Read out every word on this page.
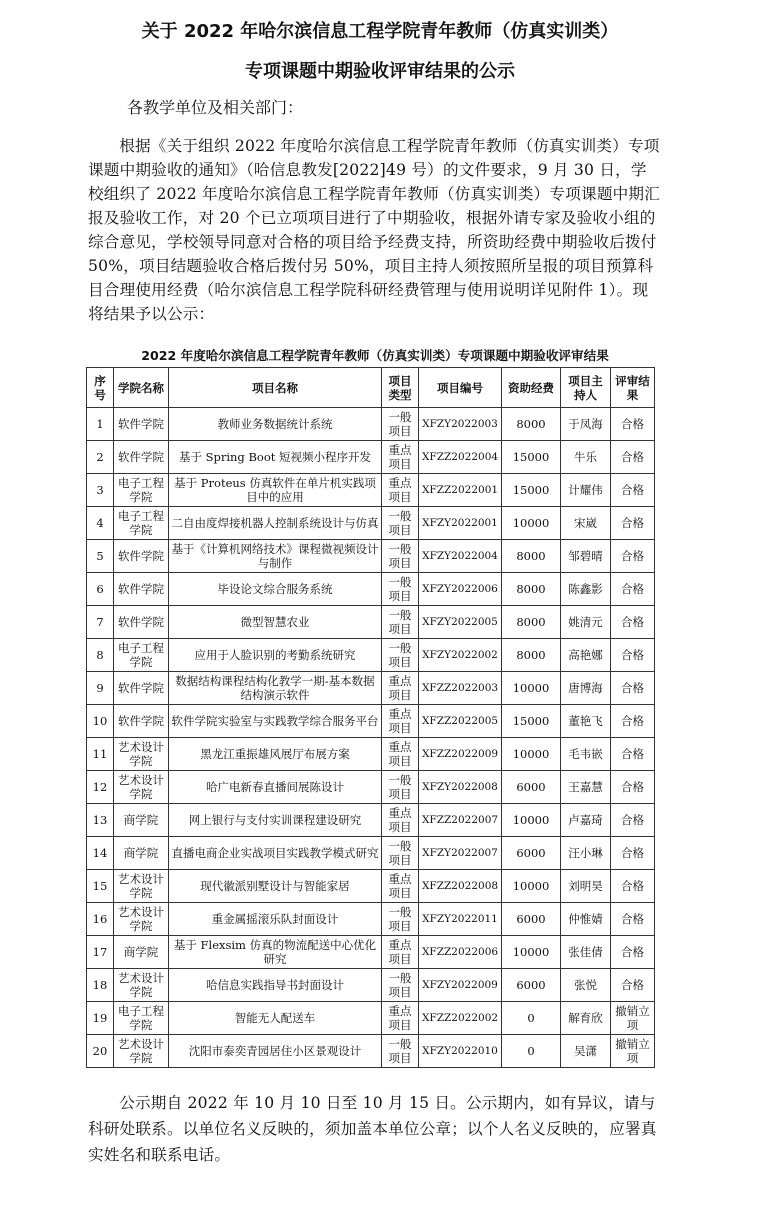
关于 2022 年哈尔滨信息工程学院青年教师（仿真实训类）
专项课题中期验收评审结果的公示
各教学单位及相关部门：
根据《关于组织 2022 年度哈尔滨信息工程学院青年教师（仿真实训类）专项课题中期验收的通知》（哈信息教发[2022]49 号）的文件要求，9 月 30 日，学校组织了 2022 年度哈尔滨信息工程学院青年教师（仿真实训类）专项课题中期汇报及验收工作，对 20 个已立项项目进行了中期验收，根据外请专家及验收小组的综合意见，学校领导同意对合格的项目给予经费支持，所资助经费中期验收后拨付 50%，项目结题验收合格后拨付另 50%，项目主持人须按照所呈报的项目预算科目合理使用经费（哈尔滨信息工程学院科研经费管理与使用说明详见附件 1）。现将结果予以公示：
2022 年度哈尔滨信息工程学院青年教师（仿真实训类）专项课题中期验收评审结果
序号	学院名称	项目名称	项目类型	项目编号	资助经费	项目主持人	评审结果
1	软件学院	教师业务数据统计系统	一般项目	XFZY2022003	8000	于凤海	合格
2	软件学院	基于 Spring Boot 短视频小程序开发	重点项目	XFZZ2022004	15000	牛乐	合格
3	电子工程学院	基于 Proteus 仿真软件在单片机实践项目中的应用	重点项目	XFZZ2022001	15000	计耀伟	合格
4	电子工程学院	二自由度焊接机器人控制系统设计与仿真	一般项目	XFZY2022001	10000	宋崴	合格
5	软件学院	基于《计算机网络技术》课程微视频设计与制作	一般项目	XFZY2022004	8000	邹碧晴	合格
6	软件学院	毕设论文综合服务系统	一般项目	XFZY2022006	8000	陈鑫影	合格
7	软件学院	微型智慧农业	一般项目	XFZY2022005	8000	姚清元	合格
8	电子工程学院	应用于人脸识别的考勤系统研究	一般项目	XFZY2022002	8000	高艳娜	合格
9	软件学院	数据结构课程结构化教学一期-基本数据结构演示软件	重点项目	XFZZ2022003	10000	唐博海	合格
10	软件学院	软件学院实验室与实践教学综合服务平台	重点项目	XFZZ2022005	15000	董艳飞	合格
11	艺术设计学院	黑龙江重振雄风展厅布展方案	重点项目	XFZZ2022009	10000	毛韦嵌	合格
12	艺术设计学院	哈广电新春直播间展陈设计	一般项目	XFZY2022008	6000	王嘉慧	合格
13	商学院	网上银行与支付实训课程建设研究	重点项目	XFZZ2022007	10000	卢嘉琦	合格
14	商学院	直播电商企业实战项目实践教学模式研究	一般项目	XFZY2022007	6000	汪小琳	合格
15	艺术设计学院	现代徽派别墅设计与智能家居	重点项目	XFZZ2022008	10000	刘明昊	合格
16	艺术设计学院	重金属摇滚乐队封面设计	一般项目	XFZY2022011	6000	仲惟婧	合格
17	商学院	基于 Flexsim 仿真的物流配送中心优化研究	重点项目	XFZZ2022006	10000	张佳倩	合格
18	艺术设计学院	哈信息实践指导书封面设计	一般项目	XFZY2022009	6000	张悦	合格
19	电子工程学院	智能无人配送车	重点项目	XFZZ2022002	0	解育欣	撤销立项
20	艺术设计学院	沈阳市泰奕青园居住小区景观设计	一般项目	XFZY2022010	0	吴潇	撤销立项
公示期自 2022 年 10 月 10 日至 10 月 15 日。公示期内，如有异议，请与科研处联系。以单位名义反映的，须加盖本单位公章；以个人名义反映的，应署真实姓名和联系电话。
